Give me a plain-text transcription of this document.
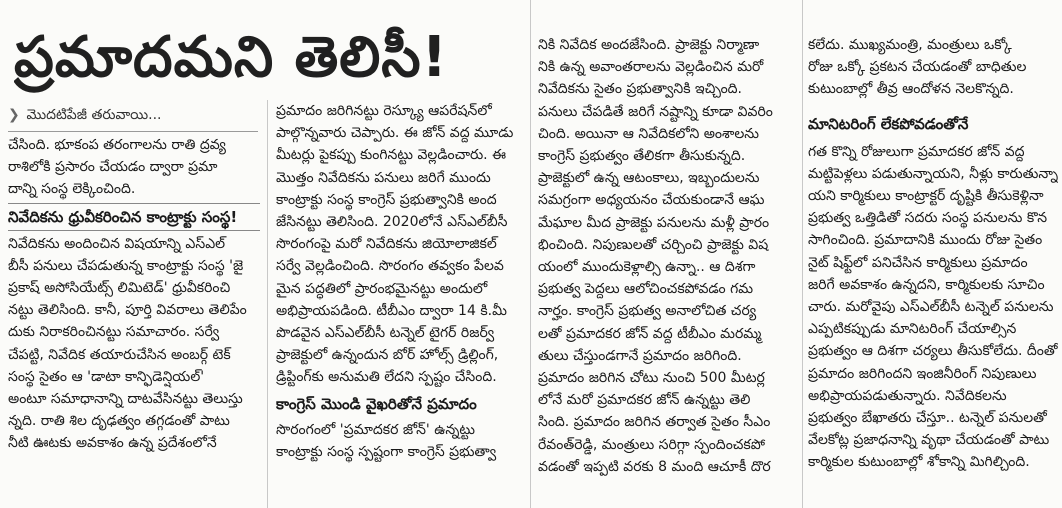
ప్రమాదమని తెలిసీ!
❯ మొదటిపేజీ తరువాయి...
చేసింది. భూకంప తరంగాలను రాతి ద్రవ్య
రాశిలోకి ప్రసారం చేయడం ద్వారా ప్రమా
దాన్ని సంస్థ లెక్కించింది.
నివేదికను ధ్రువీకరించిన కాంట్రాక్టు సంస్థ!
నివేదికను అందించిన విషయాన్ని ఎస్ఎల్
బీసీ పనులు చేపడుతున్న కాంట్రాక్టు సంస్థ 'జై
ప్రకాష్ అసోసియేట్స్ లిమిటెడ్' ధ్రువీకరించి
నట్టు తెలిసింది. కానీ, పూర్తి వివరాలు తెలిపేం
దుకు నిరాకరించినట్టు సమాచారం. సర్వే
చేపట్టి, నివేదిక తయారుచేసిన అంబర్గ్ టెక్
సంస్థ సైతం ఆ 'డాటా కాన్ఫిడెన్షియల్'
అంటూ సమాధానాన్ని దాటవేసినట్టు తెలుస్తు
న్నది. రాతి శిల దృఢత్వం తగ్గడంతో పాటు
నీటి ఊటకు అవకాశం ఉన్న ప్రదేశంలోనే
ప్రమాదం జరిగినట్టు రెస్క్యూ ఆపరేషన్‌లో
పాల్గొన్నవారు చెప్పారు. ఈ జోన్ వద్ద మూడు
మీటర్లు పైకప్పు కుంగినట్టు వెల్లడించారు. ఈ
మొత్తం నివేదికను పనులు జరిగే ముందు
కాంట్రాక్టు సంస్థ కాంగ్రెస్ ప్రభుత్వానికి అంద
జేసినట్టు తెలిసింది. 2020లోనే ఎస్ఎల్‌బీసీ
సొరంగంపై మరో నివేదికను జియోలాజికల్
సర్వే వెల్లడించింది. సొరంగం తవ్వకం పేలవ
మైన పద్ధతిలో ప్రారంభమైనట్టు అందులో
అభిప్రాయపడింది. టీబీఎం ద్వారా 14 కి.మీ
పొడవైన ఎస్ఎల్‌బీసీ టన్నెల్ టైగర్ రిజర్వ్
ప్రాజెక్టులో ఉన్నందున బోర్ హోల్స్ డ్రిల్లింగ్,
డ్రిప్టింగ్‌కు అనుమతి లేదని స్పష్టం చేసింది.
కాంగ్రెస్ మొండి వైఖరితోనే ప్రమాదం
సొరంగంలో 'ప్రమాదకర జోన్' ఉన్నట్టు
కాంట్రాక్టు సంస్థ స్పష్టంగా కాంగ్రెస్ ప్రభుత్వా
నికి నివేదిక అందజేసింది. ప్రాజెక్టు నిర్మాణా
నికి ఉన్న అవాంతరాలను వెల్లడించిన మరో
నివేదికను సైతం ప్రభుత్వానికి ఇచ్చింది.
పనులు చేపడితే జరిగే నష్టాన్ని కూడా వివరిం
చింది. అయినా ఆ నివేదికలోని అంశాలను
కాంగ్రెస్ ప్రభుత్వం తేలికగా తీసుకున్నది.
ప్రాజెక్టులో ఉన్న ఆటంకాలు, ఇబ్బందులను
సమగ్రంగా అధ్యయనం చేయకుండానే ఆఘ
మేఘాల మీద ప్రాజెక్టు పనులను మళ్లీ ప్రారం
భించింది. నిపుణులతో చర్చించి ప్రాజెక్టు విష
యంలో ముందుకెళ్లాల్సి ఉన్నా.. ఆ దిశగా
ప్రభుత్వ పెద్దలు ఆలోచించకపోవడం గమ
నార్హం. కాంగ్రెస్ ప్రభుత్వ అనాలోచిత చర్య
లతో ప్రమాదకర జోన్ వద్ద టీబీఎం మరమ్మ
తులు చేస్తుండగానే ప్రమాదం జరిగింది.
ప్రమాదం జరిగిన చోటు నుంచి 500 మీటర్ల
లోనే మరో ప్రమాదకర జోన్ ఉన్నట్టు తెలి
సింది. ప్రమాదం జరిగిన తర్వాత సైతం సీఎం
రేవంత్‌రెడ్డి, మంత్రులు సరిగ్గా స్పందించకపో
వడంతో ఇప్పటి వరకు 8 మంది ఆచూకీ దొర
కలేదు. ముఖ్యమంత్రి, మంత్రులు ఒక్కో
రోజు ఒక్కో ప్రకటన చేయడంతో బాధితుల
కుటుంబాల్లో తీవ్ర ఆందోళన నెలకొన్నది.
మానిటరింగ్ లేకపోవడంతోనే
గత కొన్ని రోజులుగా ప్రమాదకర జోన్ వద్ద
మట్టిపెళ్లలు పడుతున్నాయని, నీళ్లు కారుతున్నా
యని కార్మికులు కాంట్రాక్టర్ దృష్టికి తీసుకెళ్లినా
ప్రభుత్వ ఒత్తిడితో సదరు సంస్థ పనులను కొన
సాగించింది. ప్రమాదానికి ముందు రోజు సైతం
నైట్ షిఫ్ట్‌లో పనిచేసిన కార్మికులు ప్రమాదం
జరిగే అవకాశం ఉన్నదని, కార్మికులకు సూచిం
చారు. మరోవైపు ఎస్ఎల్‌బీసీ టన్నెల్ పనులను
ఎప్పటికప్పుడు మానిటరింగ్ చేయాల్సిన
ప్రభుత్వం ఆ దిశగా చర్యలు తీసుకోలేదు. దీంతో
ప్రమాదం జరిగిందని ఇంజినీరింగ్ నిపుణులు
అభిప్రాయపడుతున్నారు. నివేదికలను
ప్రభుత్వం బేఖాతరు చేస్తూ.. టన్నెల్ పనులతో
వేలకోట్ల ప్రజాధనాన్ని వృథా చేయడంతో పాటు
కార్మికుల కుటుంబాల్లో శోకాన్ని మిగిల్చింది.
